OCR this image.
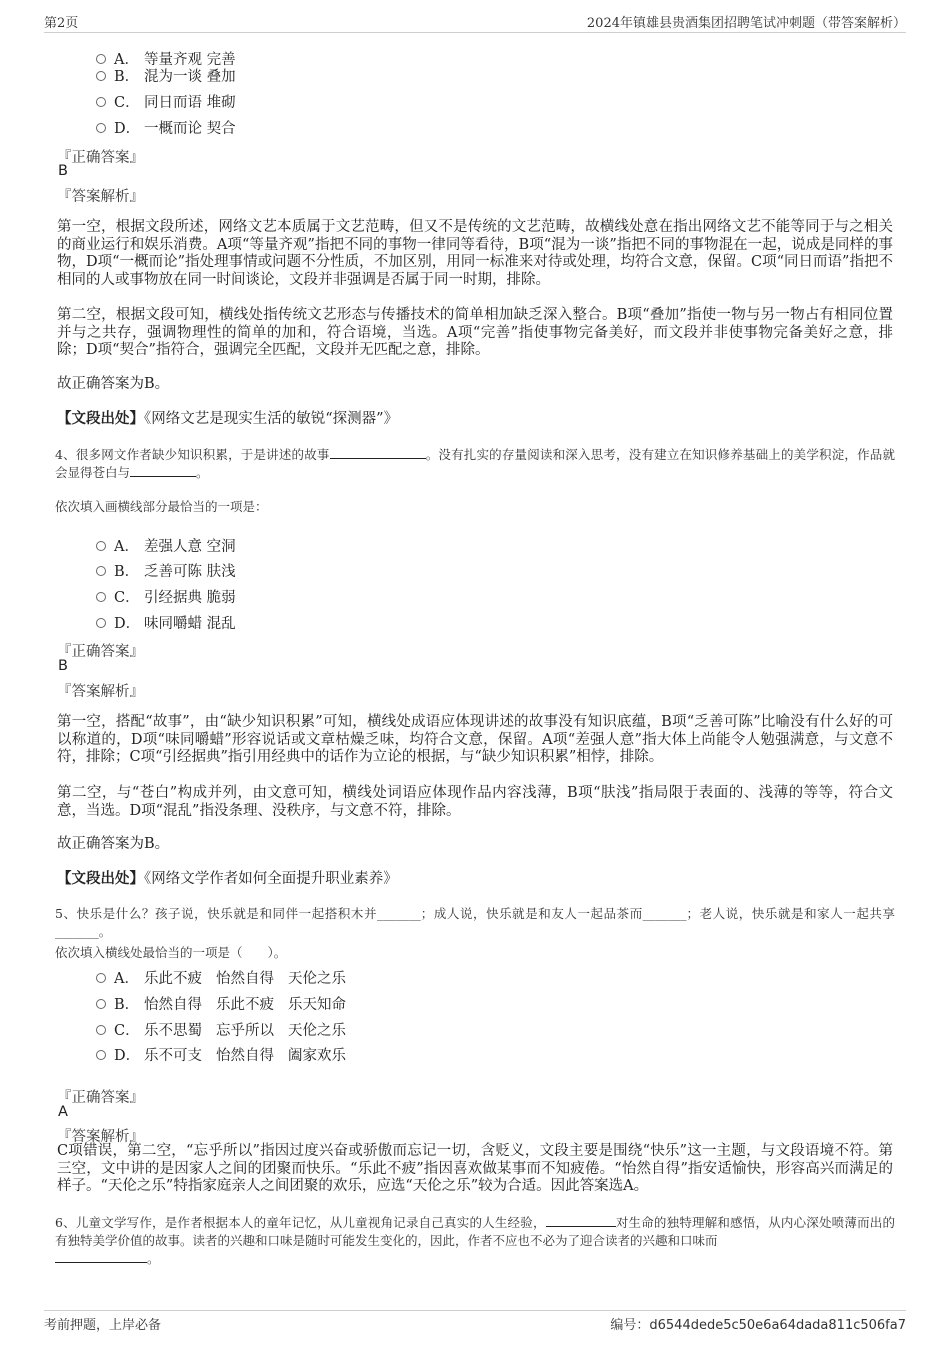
第2页	2024年镇雄县贵酒集团招聘笔试冲刺题（带答案解析）
A． 等量齐观 完善
B． 混为一谈 叠加
C． 同日而语 堆砌
D． 一概而论 契合
『正确答案』
B
『答案解析』
第一空，根据文段所述，网络文艺本质属于文艺范畴，但又不是传统的文艺范畴，故横线处意在指出网络文艺不能等同于与之相关的商业运行和娱乐消费。A项“等量齐观”指把不同的事物一律同等看待，B项“混为一谈”指把不同的事物混在一起，说成是同样的事物，D项“一概而论”指处理事情或问题不分性质，不加区别，用同一标准来对待或处理，均符合文意，保留。C项“同日而语”指把不相同的人或事物放在同一时间谈论，文段并非强调是否属于同一时期，排除。
第二空，根据文段可知，横线处指传统文艺形态与传播技术的简单相加缺乏深入整合。B项“叠加”指使一物与另一物占有相同位置并与之共存，强调物理性的简单的加和，符合语境，当选。A项“完善”指使事物完备美好，而文段并非使事物完备美好之意，排除；D项“契合”指符合，强调完全匹配，文段并无匹配之意，排除。
故正确答案为B。
【文段出处】《网络文艺是现实生活的敏锐“探测器”》
4、很多网文作者缺少知识积累，于是讲述的故事	。没有扎实的存量阅读和深入思考，没有建立在知识修养基础上的美学积淀，作品就会显得苍白与	。
依次填入画横线部分最恰当的一项是：
A． 差强人意 空洞
B． 乏善可陈 肤浅
C． 引经据典 脆弱
D． 味同嚼蜡 混乱
『正确答案』
B
『答案解析』
第一空，搭配“故事”，由“缺少知识积累”可知，横线处成语应体现讲述的故事没有知识底蕴，B项“乏善可陈”比喻没有什么好的可以称道的，D项“味同嚼蜡”形容说话或文章枯燥乏味，均符合文意，保留。A项“差强人意”指大体上尚能令人勉强满意，与文意不符，排除；C项“引经据典”指引用经典中的话作为立论的根据，与“缺少知识积累”相悖，排除。
第二空，与“苍白”构成并列，由文意可知，横线处词语应体现作品内容浅薄，B项“肤浅”指局限于表面的、浅薄的等等，符合文意，当选。D项“混乱”指没条理、没秩序，与文意不符，排除。
故正确答案为B。
【文段出处】《网络文学作者如何全面提升职业素养》
5、快乐是什么？孩子说，快乐就是和同伴一起搭积木并_______；成人说，快乐就是和友人一起品茶而_______；老人说，快乐就是和家人一起共享_______。
依次填入横线处最恰当的一项是（　　）。
A． 乐此不疲 怡然自得 天伦之乐
B． 怡然自得 乐此不疲 乐天知命
C． 乐不思蜀 忘乎所以 天伦之乐
D． 乐不可支 怡然自得 阖家欢乐
『正确答案』
A
『答案解析』
C项错误，第二空，“忘乎所以”指因过度兴奋或骄傲而忘记一切，含贬义，文段主要是围绕“快乐”这一主题，与文段语境不符。第三空，文中讲的是因家人之间的团聚而快乐。“乐此不疲”指因喜欢做某事而不知疲倦。“怡然自得”指安适愉快，形容高兴而满足的样子。“天伦之乐”特指家庭亲人之间团聚的欢乐，应选“天伦之乐”较为合适。因此答案选A。
6、儿童文学写作，是作者根据本人的童年记忆，从儿童视角记录自己真实的人生经验，	对生命的独特理解和感悟，从内心深处喷薄而出的有独特美学价值的故事。读者的兴趣和口味是随时可能发生变化的，因此，作者不应也不必为了迎合读者的兴趣和口味而
。
考前押题，上岸必备	编号：d6544dede5c50e6a64dada811c506fa7
